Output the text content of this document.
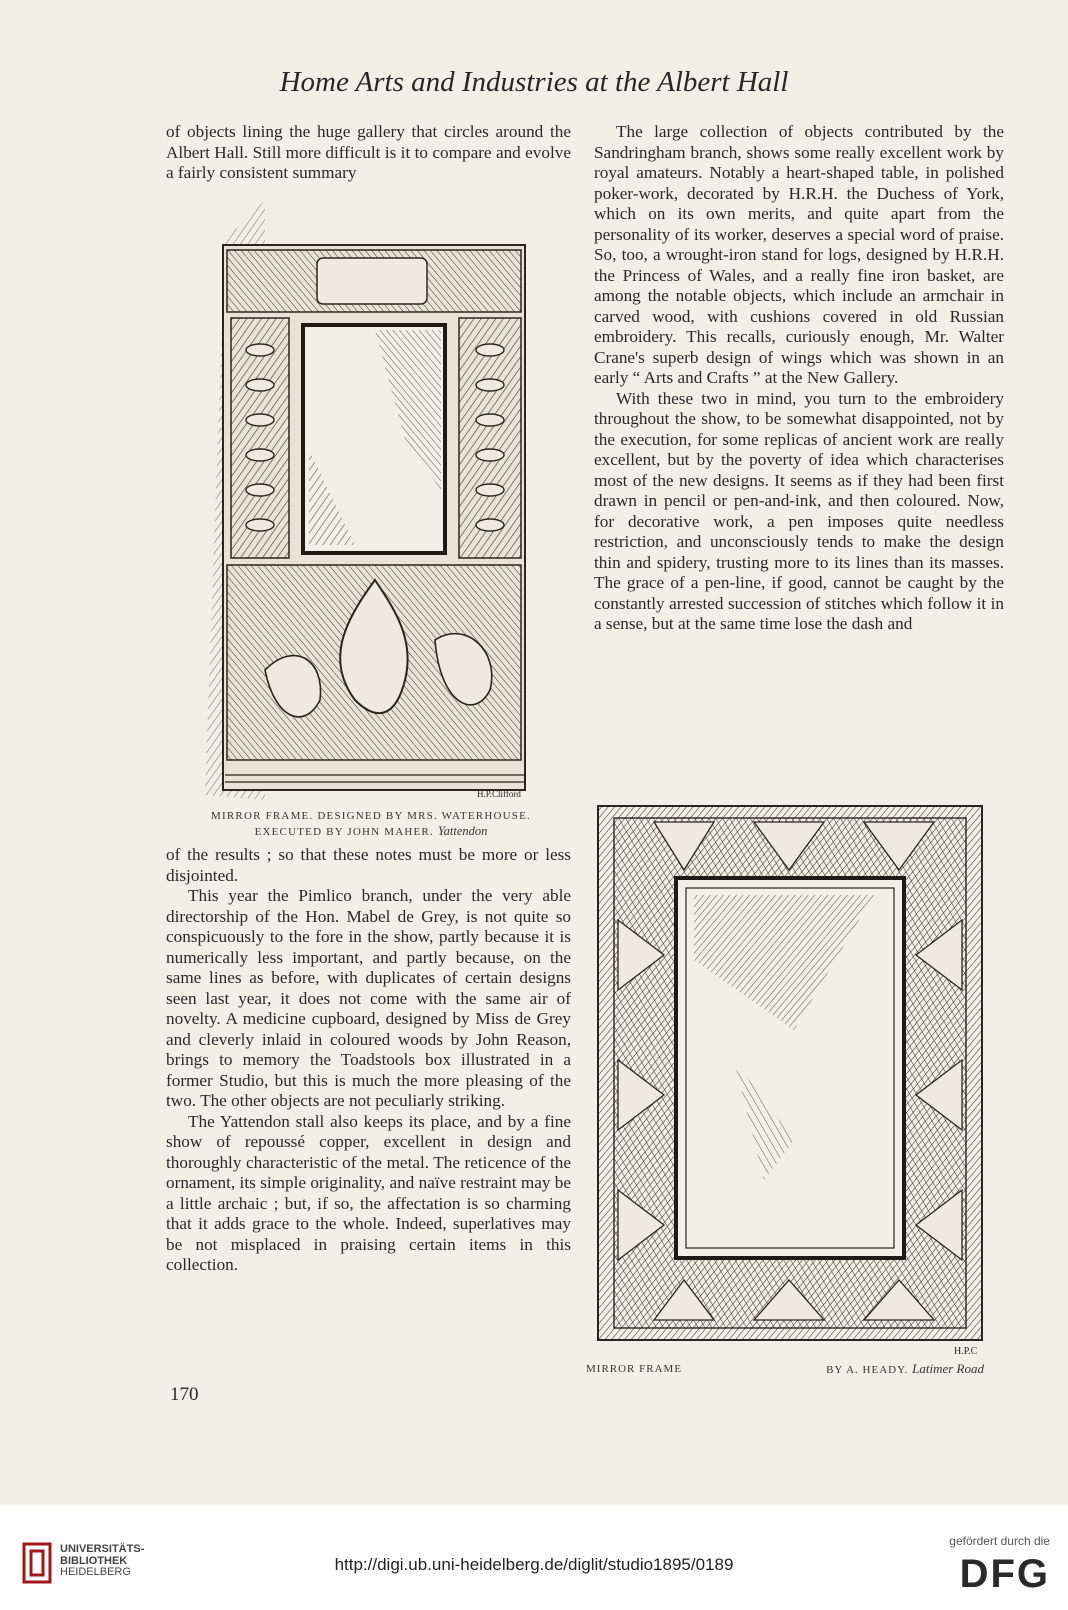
Home Arts and Industries at the Albert Hall

of objects lining the huge gallery that circles around the Albert Hall. Still more difficult is it to compare and evolve a fairly consistent summary

H.P.Clifford
MIRROR FRAME. DESIGNED BY MRS. WATERHOUSE.
EXECUTED BY JOHN MAHER. Yattendon

of the results ; so that these notes must be more or less disjointed.

This year the Pimlico branch, under the very able directorship of the Hon. Mabel de Grey, is not quite so conspicuously to the fore in the show, partly because it is numerically less important, and partly because, on the same lines as before, with duplicates of certain designs seen last year, it does not come with the same air of novelty. A medicine cupboard, designed by Miss de Grey and cleverly inlaid in coloured woods by John Reason, brings to memory the Toadstools box illustrated in a former Studio, but this is much the more pleasing of the two. The other objects are not peculiarly striking.

The Yattendon stall also keeps its place, and by a fine show of repoussé copper, excellent in design and thoroughly characteristic of the metal. The reticence of the ornament, its simple originality, and naïve restraint may be a little archaic ; but, if so, the affectation is so charming that it adds grace to the whole. Indeed, superlatives may be not misplaced in praising certain items in this collection.

The large collection of objects contributed by the Sandringham branch, shows some really excellent work by royal amateurs. Notably a heart-shaped table, in polished poker-work, decorated by H.R.H. the Duchess of York, which on its own merits, and quite apart from the personality of its worker, deserves a special word of praise. So, too, a wrought-iron stand for logs, designed by H.R.H. the Princess of Wales, and a really fine iron basket, are among the notable objects, which include an armchair in carved wood, with cushions covered in old Russian embroidery. This recalls, curiously enough, Mr. Walter Crane's superb design of wings which was shown in an early “ Arts and Crafts ” at the New Gallery.

With these two in mind, you turn to the embroidery throughout the show, to be somewhat disappointed, not by the execution, for some replicas of ancient work are really excellent, but by the poverty of idea which characterises most of the new designs. It seems as if they had been first drawn in pencil or pen-and-ink, and then coloured. Now, for decorative work, a pen imposes quite needless restriction, and unconsciously tends to make the design thin and spidery, trusting more to its lines than its masses. The grace of a pen-line, if good, cannot be caught by the constantly arrested succession of stitches which follow it in a sense, but at the same time lose the dash and

H.P.C
MIRROR FRAME	BY A. HEADY. Latimer Road
170
UNIVERSITÄTS-
BIBLIOTHEK
HEIDELBERG	http://digi.ub.uni-heidelberg.de/diglit/studio1895/0189
gefördert durch die
DFG
